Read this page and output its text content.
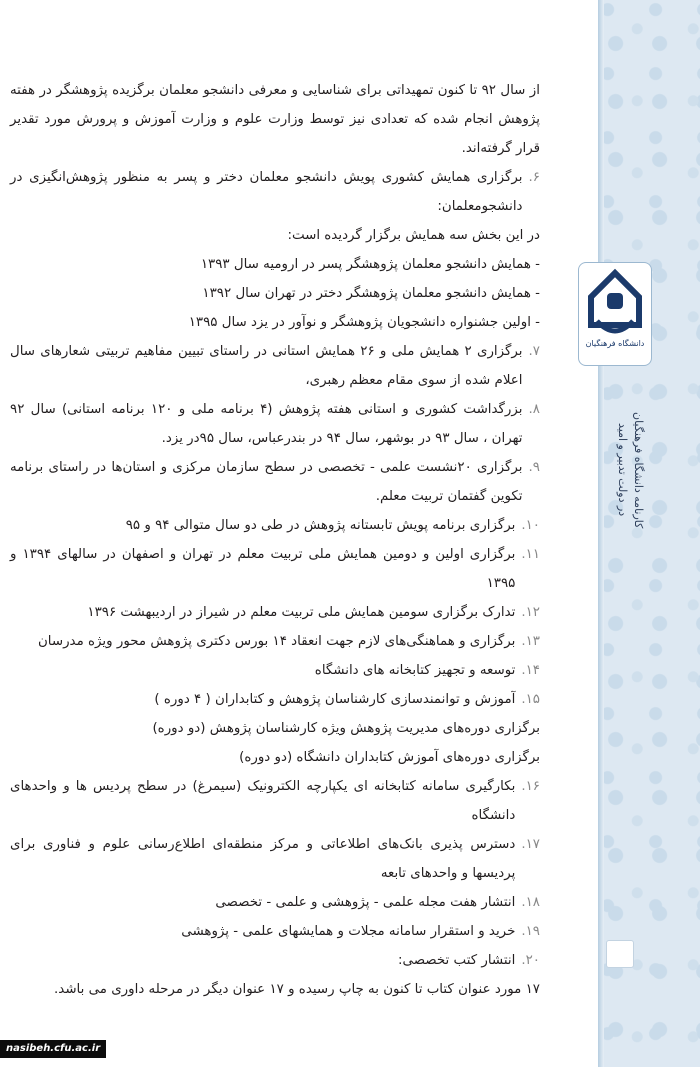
دانشگاه فرهنگیان
کارنامه دانشگاه فرهنگیان
در دولت تدبیر و امید

از سال ۹۲ تا کنون تمهیداتی برای شناسایی و معرفی دانشجو معلمان برگزیده پژوهشگر در هفته پژوهش انجام شده که تعدادی نیز توسط وزارت علوم و وزارت آموزش و پرورش مورد تقدیر قرار گرفته‌اند.

۶.
برگزاری همایش کشوری پویش دانشجو معلمان دختر و پسر به منظور پژوهش‌انگیزی در دانشجومعلمان:

در این بخش سه همایش برگزار گردیده است:

- همایش دانشجو معلمان پژوهشگر پسر در ارومیه سال ۱۳۹۳

- همایش دانشجو معلمان پژوهشگر دختر در تهران سال ۱۳۹۲

- اولین جشنواره دانشجویان پژوهشگر و نوآور در یزد سال ۱۳۹۵

۷.
برگزاری ۲ همایش ملی و ۲۶ همایش استانی در راستای تبیین مفاهیم تربیتی شعارهای سال اعلام شده از سوی مقام معظم رهبری،
۸.
بزرگداشت کشوری و استانی هفته پژوهش (۴ برنامه ملی و ۱۲۰ برنامه استانی) سال ۹۲ تهران ، سال ۹۳ در بوشهر، سال ۹۴ در بندرعباس، سال ۹۵در یزد.
۹.
برگزاری ۲۰نشست علمی - تخصصی در سطح سازمان مرکزی و استان‌ها در راستای برنامه تکوین گفتمان تربیت معلم.
۱۰.
برگزاری برنامه پویش تابستانه پژوهش در طی دو سال متوالی ۹۴ و ۹۵
۱۱.
برگزاری اولین و دومین همایش ملی تربیت معلم در تهران و اصفهان در سالهای ۱۳۹۴ و ۱۳۹۵
۱۲.
تدارک برگزاری سومین همایش ملی تربیت معلم در شیراز در اردیبهشت ۱۳۹۶
۱۳.
برگزاری و هماهنگی‌های لازم جهت انعقاد ۱۴ بورس دکتری پژوهش محور ویژه مدرسان
۱۴.
توسعه و تجهیز کتابخانه های دانشگاه
۱۵.
آموزش و توانمندسازی کارشناسان پژوهش و کتابداران ( ۴ دوره )

برگزاری دوره‌های مدیریت پژوهش ویژه کارشناسان پژوهش (دو دوره)

برگزاری دوره‌های آموزش کتابداران دانشگاه (دو دوره)

۱۶.
بکارگیری سامانه کتابخانه ای یکپارچه الکترونیک (سیمرغ) در سطح پردیس ها و واحدهای دانشگاه
۱۷.
دسترس پذیری بانک‌های اطلاعاتی و مرکز منطقه‌ای اطلاع‌رسانی علوم و فناوری برای پردیسها و واحدهای تابعه
۱۸.
انتشار هفت مجله علمی - پژوهشی و علمی - تخصصی
۱۹.
خرید و استقرار سامانه مجلات و همایشهای علمی - پژوهشی
۲۰.
انتشار کتب تخصصی:

۱۷ مورد عنوان کتاب تا کنون به چاپ رسیده و ۱۷ عنوان دیگر در مرحله داوری می باشد.

nasibeh.cfu.ac.ir
